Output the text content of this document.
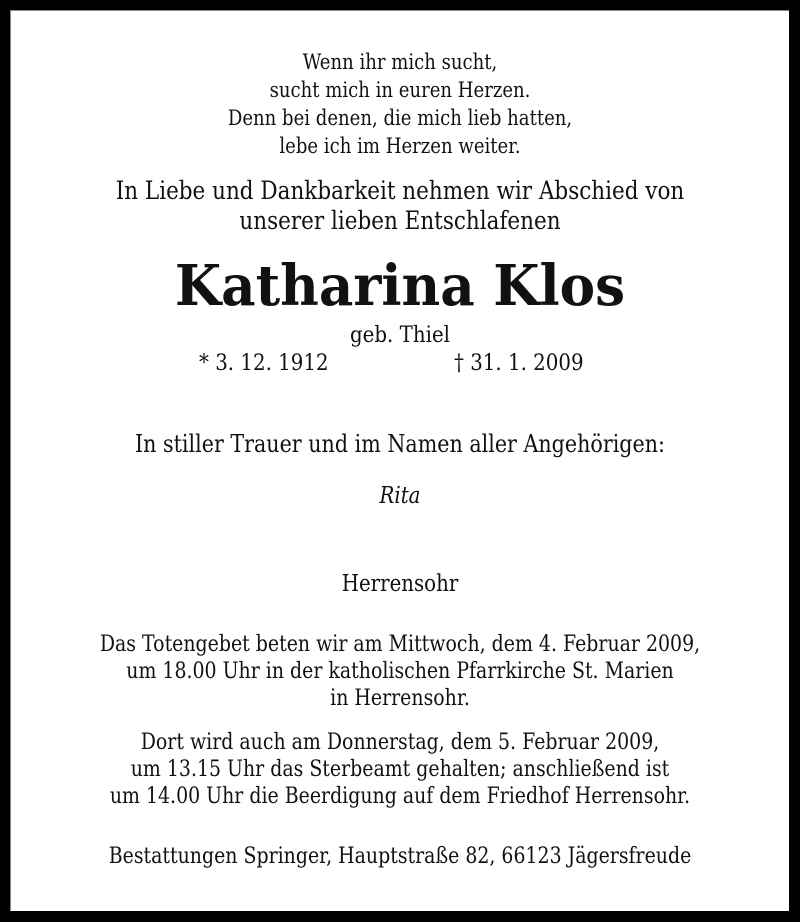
Wenn ihr mich sucht,
sucht mich in euren Herzen.
Denn bei denen, die mich lieb hatten,
lebe ich im Herzen weiter.
In Liebe und Dankbarkeit nehmen wir Abschied von
unserer lieben Entschlafenen
Katharina Klos
geb. Thiel
* 3. 12. 1912	† 31. 1. 2009
In stiller Trauer und im Namen aller Angehörigen:
Rita
Herrensohr
Das Totengebet beten wir am Mittwoch, dem 4. Februar 2009,
um 18.00 Uhr in der katholischen Pfarrkirche St. Marien
in Herrensohr.
Dort wird auch am Donnerstag, dem 5. Februar 2009,
um 13.15 Uhr das Sterbeamt gehalten; anschließend ist
um 14.00 Uhr die Beerdigung auf dem Friedhof Herrensohr.
Bestattungen Springer, Hauptstraße 82, 66123 Jägersfreude
